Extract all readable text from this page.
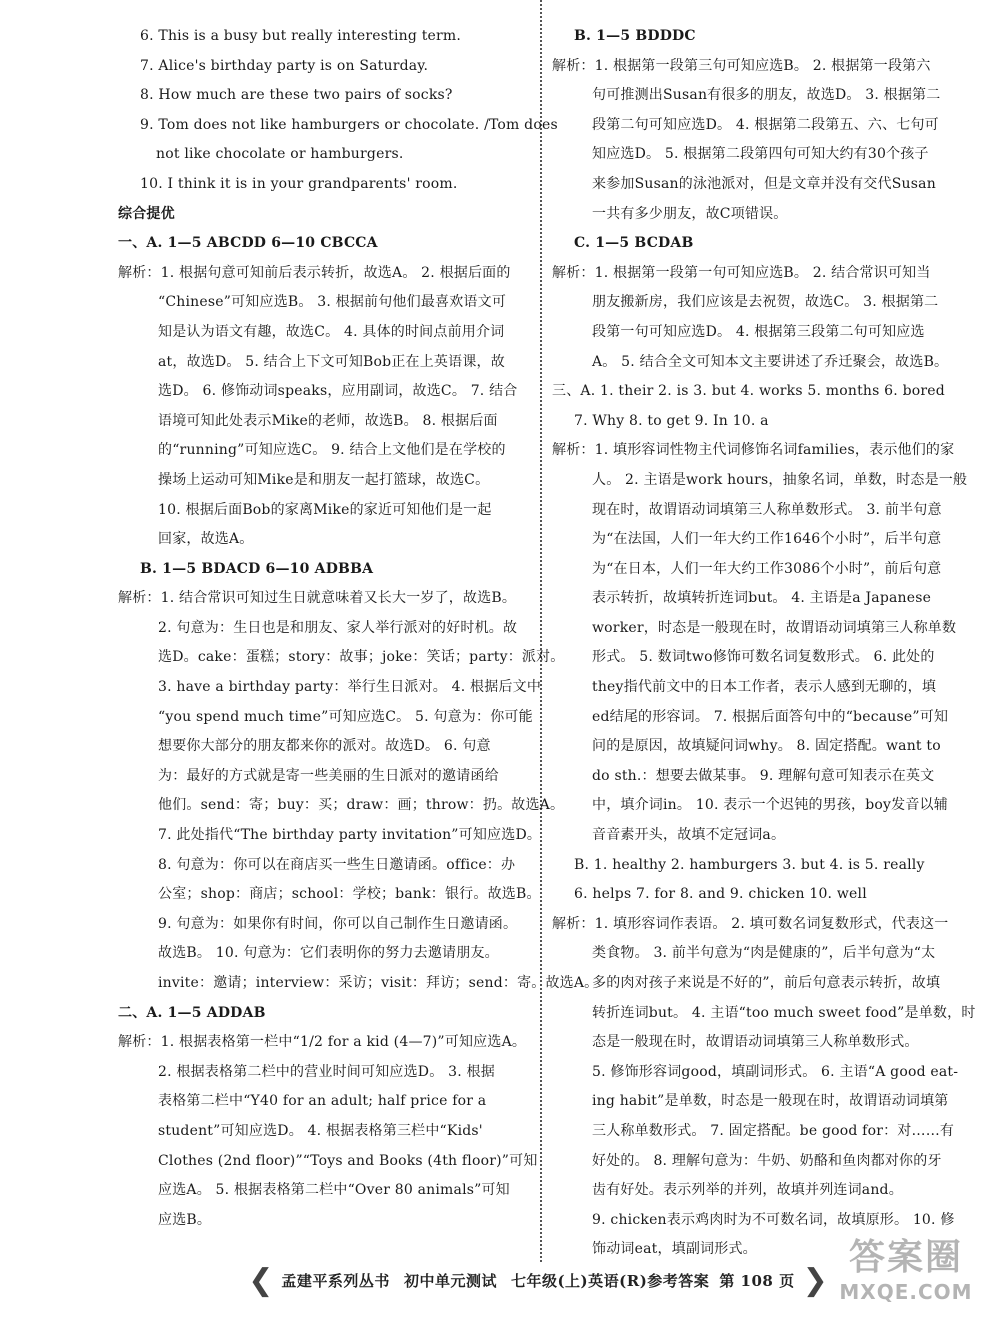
6. This is a busy but really interesting term.
7. Alice's birthday party is on Saturday.
8. How much are these two pairs of socks?
9. Tom does not like hamburgers or chocolate. /Tom does
not like chocolate or hamburgers.
10. I think it is in your grandparents' room.
综合提优
一、A. 1—5 ABCDD 6—10 CBCCA
解析：1. 根据句意可知前后表示转折，故选A。 2. 根据后面的
“Chinese”可知应选B。 3. 根据前句他们最喜欢语文可
知是认为语文有趣，故选C。 4. 具体的时间点前用介词
at，故选D。 5. 结合上下文可知Bob正在上英语课，故
选D。 6. 修饰动词speaks，应用副词，故选C。 7. 结合
语境可知此处表示Mike的老师，故选B。 8. 根据后面
的“running”可知应选C。 9. 结合上文他们是在学校的
操场上运动可知Mike是和朋友一起打篮球，故选C。
10. 根据后面Bob的家离Mike的家近可知他们是一起
回家，故选A。
B. 1—5 BDACD 6—10 ADBBA
解析：1. 结合常识可知过生日就意味着又长大一岁了，故选B。
2. 句意为：生日也是和朋友、家人举行派对的好时机。故
选D。cake：蛋糕；story：故事；joke：笑话；party：派对。
3. have a birthday party：举行生日派对。 4. 根据后文中
“you spend much time”可知应选C。 5. 句意为：你可能
想要你大部分的朋友都来你的派对。故选D。 6. 句意
为：最好的方式就是寄一些美丽的生日派对的邀请函给
他们。send：寄；buy：买；draw：画；throw：扔。故选A。
7. 此处指代“The birthday party invitation”可知应选D。
8. 句意为：你可以在商店买一些生日邀请函。office：办
公室；shop：商店；school：学校；bank：银行。故选B。
9. 句意为：如果你有时间，你可以自己制作生日邀请函。
故选B。 10. 句意为：它们表明你的努力去邀请朋友。
invite：邀请；interview：采访；visit：拜访；send：寄。故选A。
二、A. 1—5 ADDAB
解析：1. 根据表格第一栏中“1/2 for a kid (4—7)”可知应选A。
2. 根据表格第二栏中的营业时间可知应选D。 3. 根据
表格第二栏中“Y40 for an adult; half price for a
student”可知应选D。 4. 根据表格第三栏中“Kids'
Clothes (2nd floor)”“Toys and Books (4th floor)”可知
应选A。 5. 根据表格第二栏中“Over 80 animals”可知
应选B。
B. 1—5 BDDDC
解析：1. 根据第一段第三句可知应选B。 2. 根据第一段第六
句可推测出Susan有很多的朋友，故选D。 3. 根据第二
段第二句可知应选D。 4. 根据第二段第五、六、七句可
知应选D。 5. 根据第二段第四句可知大约有30个孩子
来参加Susan的泳池派对，但是文章并没有交代Susan
一共有多少朋友，故C项错误。
C. 1—5 BCDAB
解析：1. 根据第一段第一句可知应选B。 2. 结合常识可知当
朋友搬新房，我们应该是去祝贺，故选C。 3. 根据第二
段第一句可知应选D。 4. 根据第三段第二句可知应选
A。 5. 结合全文可知本文主要讲述了乔迁聚会，故选B。
三、A. 1. their 2. is 3. but 4. works 5. months 6. bored
7. Why 8. to get 9. In 10. a
解析：1. 填形容词性物主代词修饰名词families，表示他们的家
人。 2. 主语是work hours，抽象名词，单数，时态是一般
现在时，故谓语动词填第三人称单数形式。 3. 前半句意
为“在法国，人们一年大约工作1646个小时”，后半句意
为“在日本，人们一年大约工作3086个小时”，前后句意
表示转折，故填转折连词but。 4. 主语是a Japanese
worker，时态是一般现在时，故谓语动词填第三人称单数
形式。 5. 数词two修饰可数名词复数形式。 6. 此处的
they指代前文中的日本工作者，表示人感到无聊的，填
ed结尾的形容词。 7. 根据后面答句中的“because”可知
问的是原因，故填疑问词why。 8. 固定搭配。want to
do sth.：想要去做某事。 9. 理解句意可知表示在英文
中，填介词in。 10. 表示一个迟钝的男孩，boy发音以辅
音音素开头，故填不定冠词a。
B. 1. healthy 2. hamburgers 3. but 4. is 5. really
6. helps 7. for 8. and 9. chicken 10. well
解析：1. 填形容词作表语。 2. 填可数名词复数形式，代表这一
类食物。 3. 前半句意为“肉是健康的”，后半句意为“太
多的肉对孩子来说是不好的”，前后句意表示转折，故填
转折连词but。 4. 主语“too much sweet food”是单数，时
态是一般现在时，故谓语动词填第三人称单数形式。
5. 修饰形容词good，填副词形式。 6. 主语“A good eat-
ing habit”是单数，时态是一般现在时，故谓语动词填第
三人称单数形式。 7. 固定搭配。be good for：对……有
好处的。 8. 理解句意为：牛奶、奶酪和鱼肉都对你的牙
齿有好处。表示列举的并列，故填并列连词and。
9. chicken表示鸡肉时为不可数名词，故填原形。 10. 修
饰动词eat，填副词形式。
❮ 孟建平系列丛书 初中单元测试 七年级(上)英语(R)参考答案 第 108 页 ❯
答案圈
MXQE.COM
